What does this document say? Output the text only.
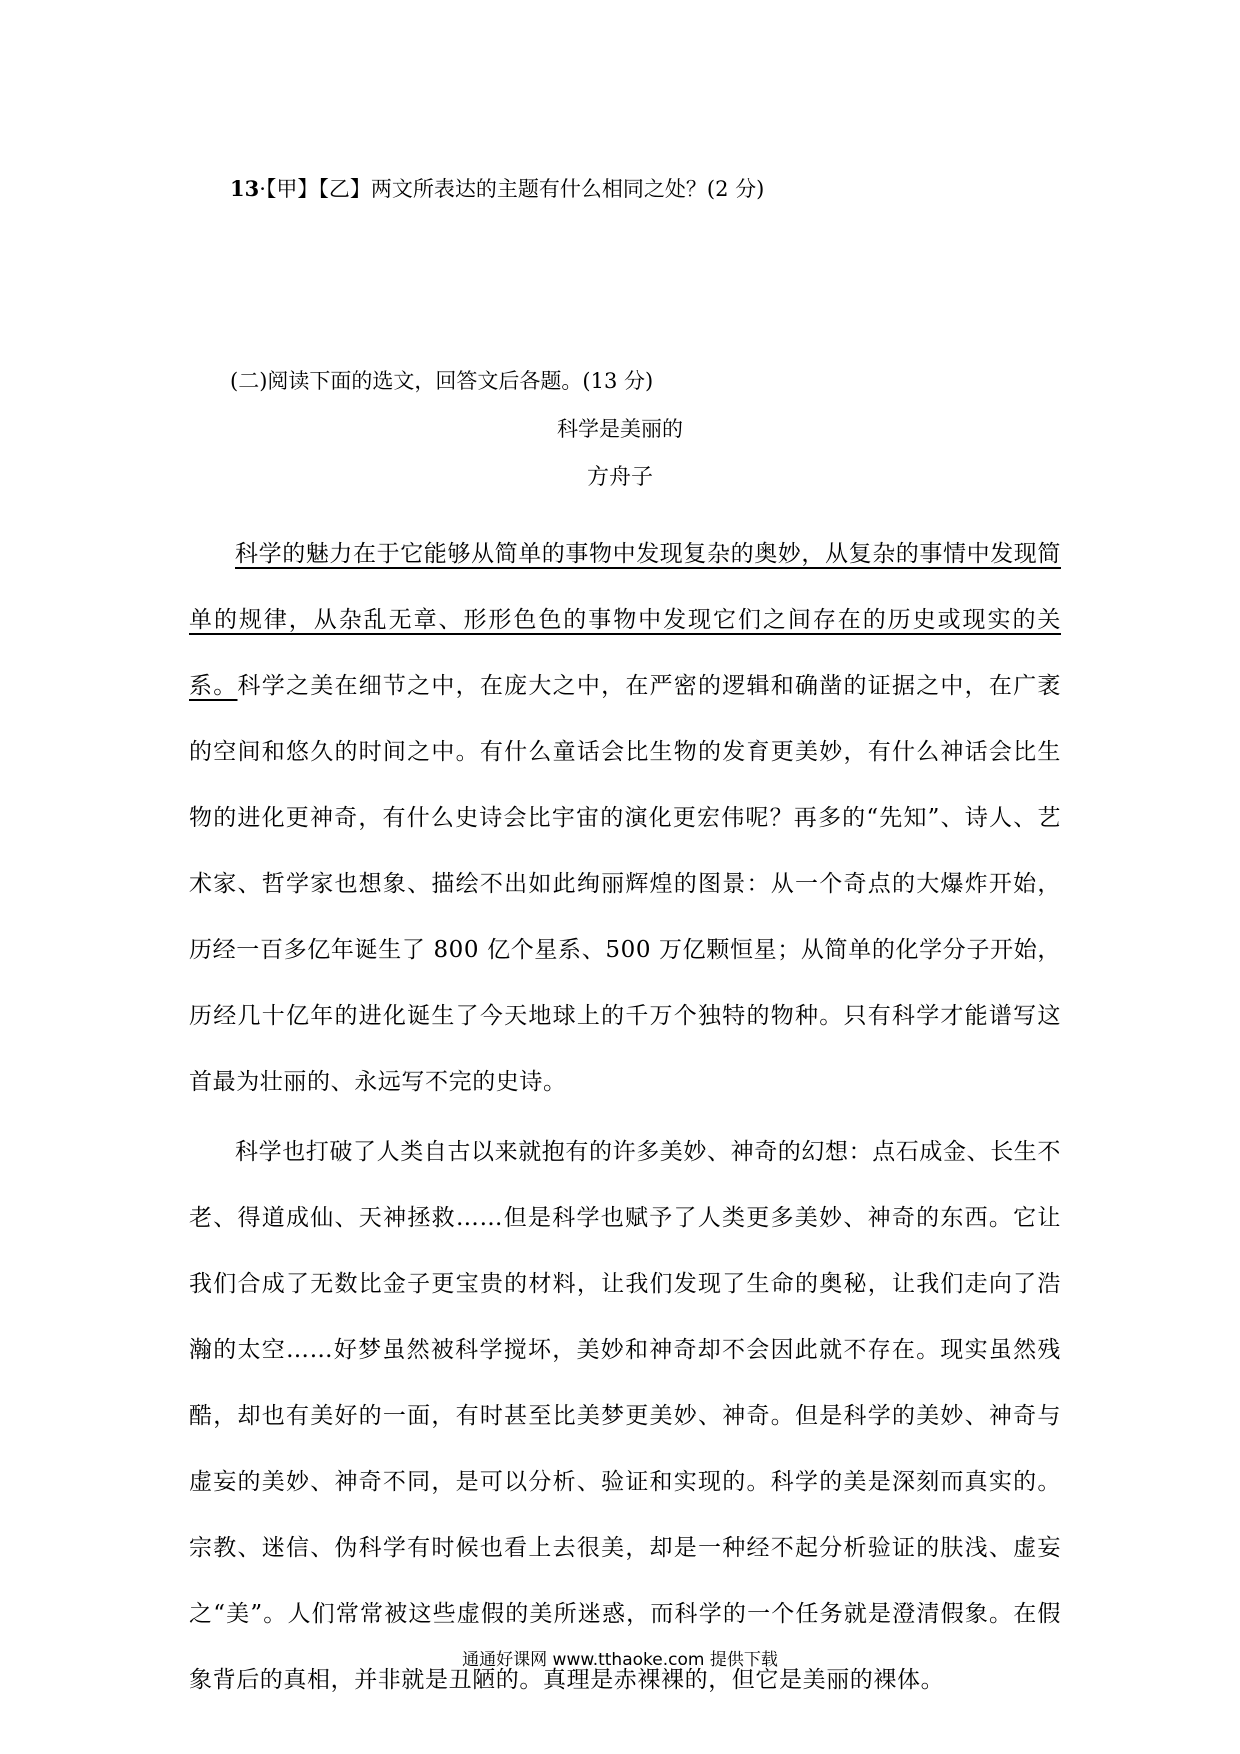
13·【甲】【乙】两文所表达的主题有什么相同之处？(2 分)
(二)阅读下面的选文，回答文后各题。(13 分)
科学是美丽的
方舟子

科学的魅力在于它能够从简单的事物中发现复杂的奥妙，从复杂的事情中发现简单的规律，从杂乱无章、形形色色的事物中发现它们之间存在的历史或现实的关系。科学之美在细节之中，在庞大之中，在严密的逻辑和确凿的证据之中，在广袤的空间和悠久的时间之中。有什么童话会比生物的发育更美妙，有什么神话会比生物的进化更神奇，有什么史诗会比宇宙的演化更宏伟呢？再多的“先知”、诗人、艺术家、哲学家也想象、描绘不出如此绚丽辉煌的图景：从一个奇点的大爆炸开始，历经一百多亿年诞生了 800 亿个星系、500 万亿颗恒星；从简单的化学分子开始，历经几十亿年的进化诞生了今天地球上的千万个独特的物种。只有科学才能谱写这首最为壮丽的、永远写不完的史诗。

科学也打破了人类自古以来就抱有的许多美妙、神奇的幻想：点石成金、长生不老、得道成仙、天神拯救……但是科学也赋予了人类更多美妙、神奇的东西。它让我们合成了无数比金子更宝贵的材料，让我们发现了生命的奥秘，让我们走向了浩瀚的太空……好梦虽然被科学搅坏，美妙和神奇却不会因此就不存在。现实虽然残酷，却也有美好的一面，有时甚至比美梦更美妙、神奇。但是科学的美妙、神奇与虚妄的美妙、神奇不同，是可以分析、验证和实现的。科学的美是深刻而真实的。宗教、迷信、伪科学有时候也看上去很美，却是一种经不起分析验证的肤浅、虚妄之“美”。人们常常被这些虚假的美所迷惑，而科学的一个任务就是澄清假象。在假象背后的真相，并非就是丑陋的。真理是赤裸裸的，但它是美丽的裸体。

通通好课网 www.tthaoke.com 提供下载
